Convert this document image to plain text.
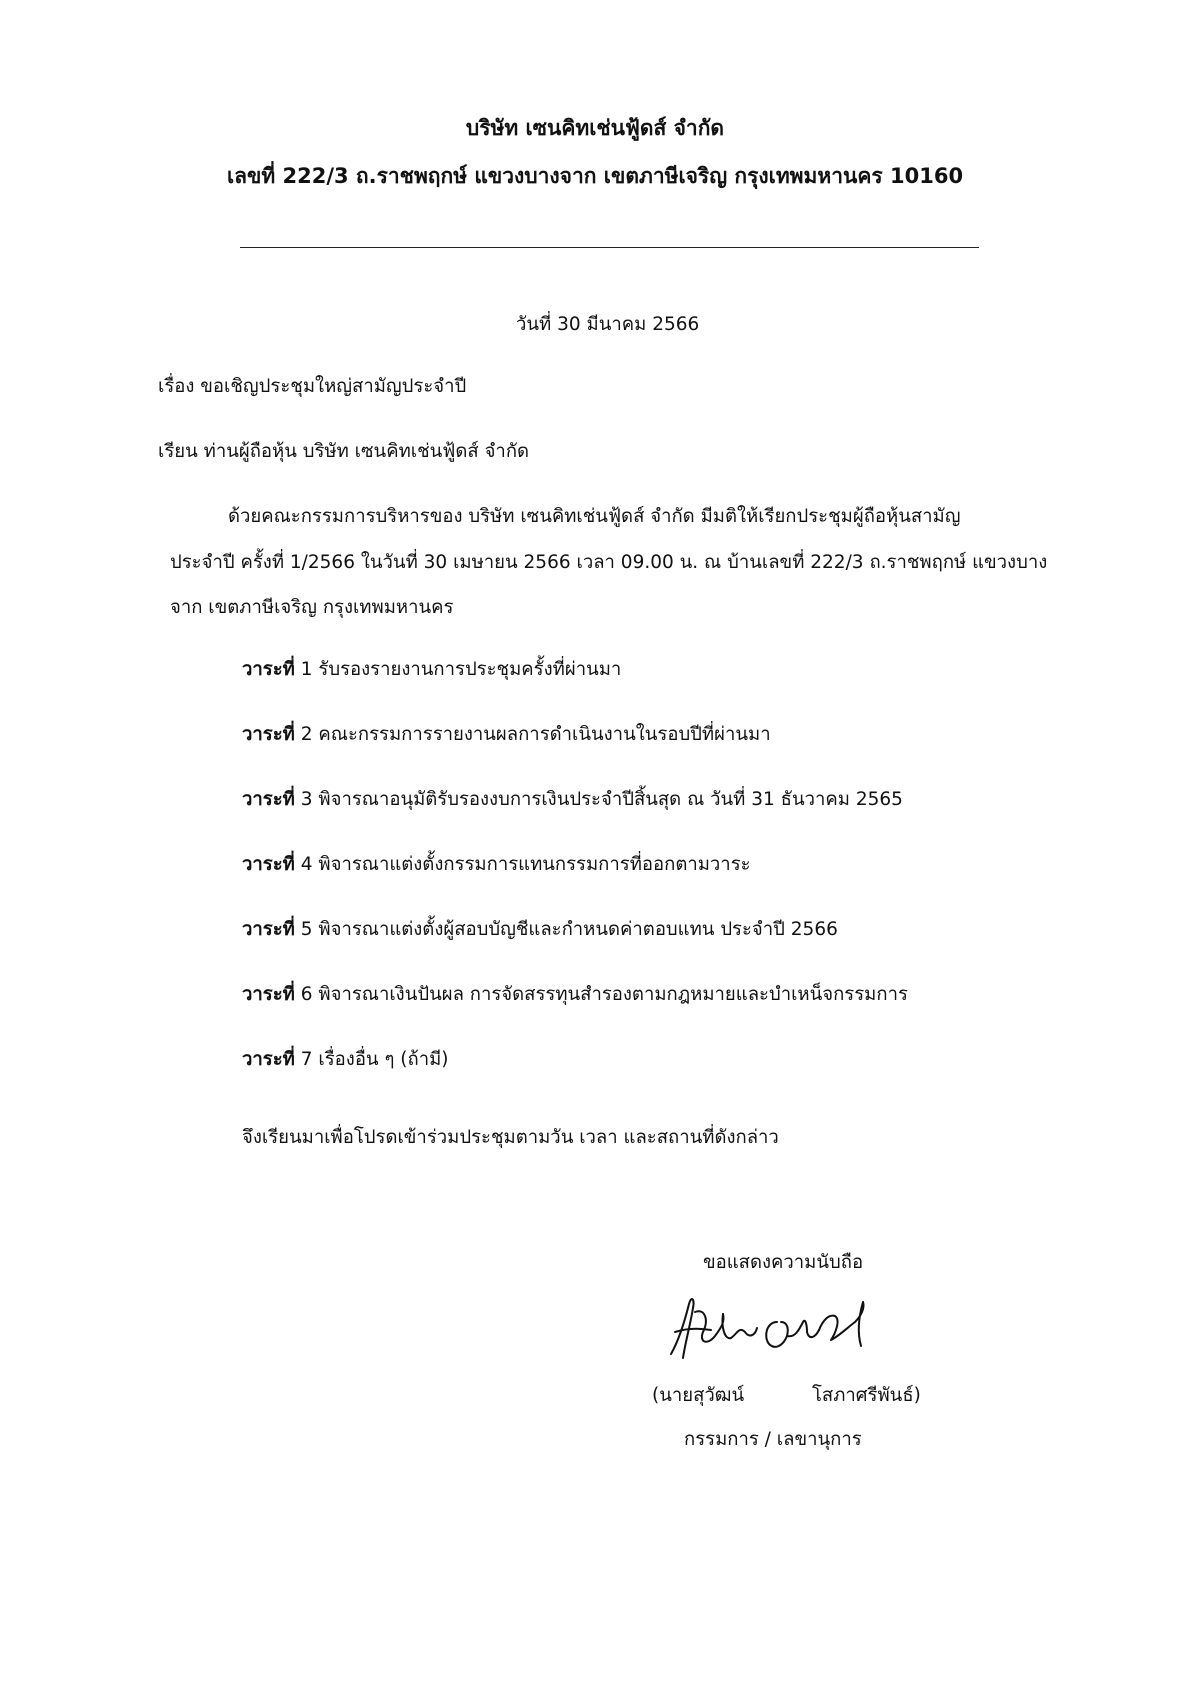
บริษัท เซนคิทเช่นฟู้ดส์ จำกัด
เลขที่ 222/3 ถ.ราชพฤกษ์ แขวงบางจาก เขตภาษีเจริญ กรุงเทพมหานคร 10160
วันที่ 30 มีนาคม 2566
เรื่อง ขอเชิญประชุมใหญ่สามัญประจำปี
เรียน ท่านผู้ถือหุ้น บริษัท เซนคิทเช่นฟู้ดส์ จำกัด
ด้วยคณะกรรมการบริหารของ บริษัท เซนคิทเช่นฟู้ดส์ จำกัด มีมติให้เรียกประชุมผู้ถือหุ้นสามัญ
ประจำปี ครั้งที่ 1/2566 ในวันที่ 30 เมษายน 2566 เวลา 09.00 น. ณ บ้านเลขที่ 222/3 ถ.ราชพฤกษ์ แขวงบาง
จาก เขตภาษีเจริญ กรุงเทพมหานคร
วาระที่ 1 รับรองรายงานการประชุมครั้งที่ผ่านมา
วาระที่ 2 คณะกรรมการรายงานผลการดำเนินงานในรอบปีที่ผ่านมา
วาระที่ 3 พิจารณาอนุมัติรับรองงบการเงินประจำปีสิ้นสุด ณ วันที่ 31 ธันวาคม 2565
วาระที่ 4 พิจารณาแต่งตั้งกรรมการแทนกรรมการที่ออกตามวาระ
วาระที่ 5 พิจารณาแต่งตั้งผู้สอบบัญชีและกำหนดค่าตอบแทน ประจำปี 2566
วาระที่ 6 พิจารณาเงินปันผล การจัดสรรทุนสำรองตามกฎหมายและบำเหน็จกรรมการ
วาระที่ 7 เรื่องอื่น ๆ (ถ้ามี)
จึงเรียนมาเพื่อโปรดเข้าร่วมประชุมตามวัน เวลา และสถานที่ดังกล่าว
ขอแสดงความนับถือ
(นายสุวัฒน์	โสภาศรีพันธ์)
กรรมการ / เลขานุการ
